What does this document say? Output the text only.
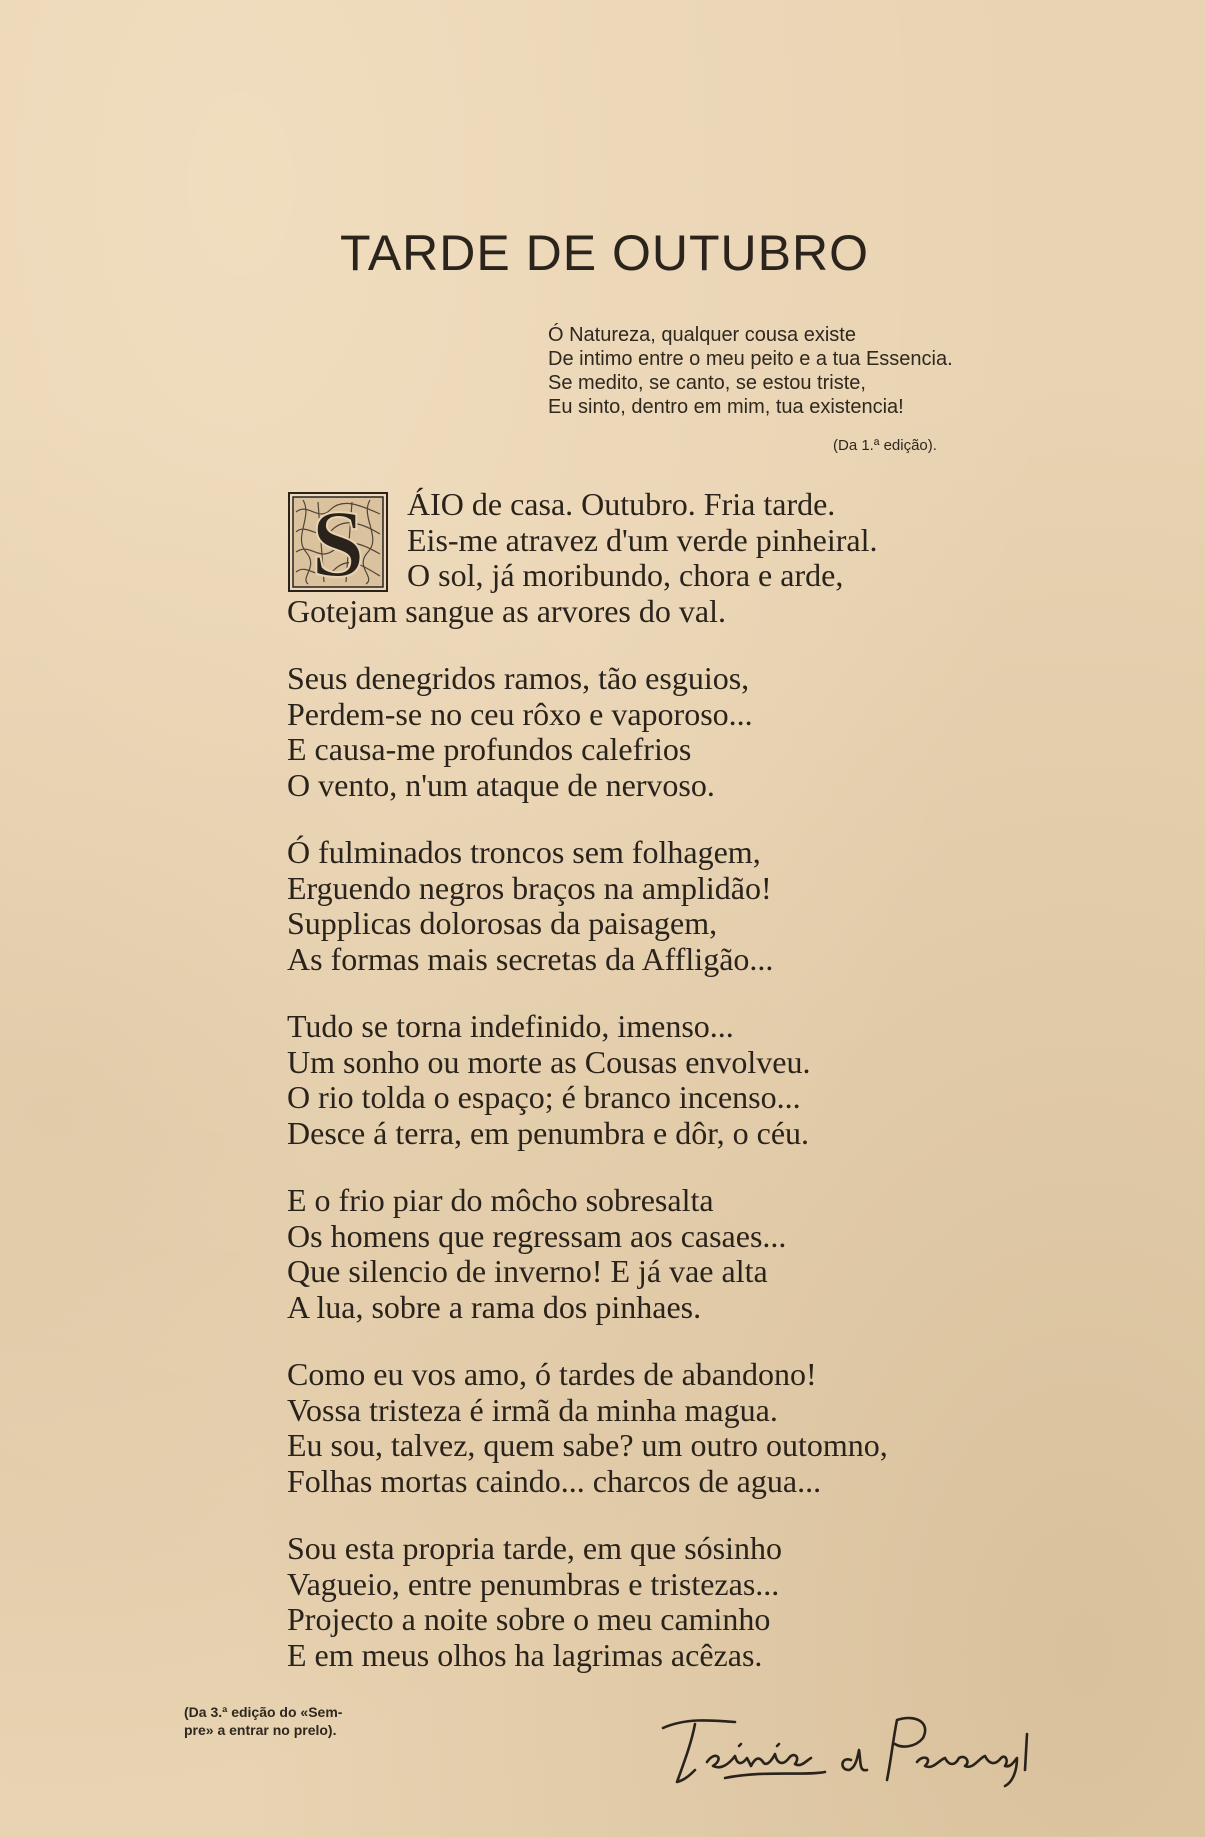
TARDE DE OUTUBRO
Ó Natureza, qualquer cousa existe
De intimo entre o meu peito e a tua Essencia.
Se medito, se canto, se estou triste,
Eu sinto, dentro em mim, tua existencia!
(Da 1.ª edição).
S	ÁIO de casa. Outubro. Fria tarde.
Eis-me atravez d'um verde pinheiral.
O sol, já moribundo, chora e arde,
Gotejam sangue as arvores do val.
Seus denegridos ramos, tão esguios,
Perdem-se no ceu rôxo e vaporoso...
E causa-me profundos calefrios
O vento, n'um ataque de nervoso.
Ó fulminados troncos sem folhagem,
Erguendo negros braços na amplidão!
Supplicas dolorosas da paisagem,
As formas mais secretas da Affligão...
Tudo se torna indefinido, imenso...
Um sonho ou morte as Cousas envolveu.
O rio tolda o espaço; é branco incenso...
Desce á terra, em penumbra e dôr, o céu.
E o frio piar do môcho sobresalta
Os homens que regressam aos casaes...
Que silencio de inverno! E já vae alta
A lua, sobre a rama dos pinhaes.
Como eu vos amo, ó tardes de abandono!
Vossa tristeza é irmã da minha magua.
Eu sou, talvez, quem sabe? um outro outomno,
Folhas mortas caindo... charcos de agua...
Sou esta propria tarde, em que sósinho
Vagueio, entre penumbras e tristezas...
Projecto a noite sobre o meu caminho
E em meus olhos ha lagrimas acêzas.
(Da 3.ª edição do «Sem-
pre» a entrar no prelo).
